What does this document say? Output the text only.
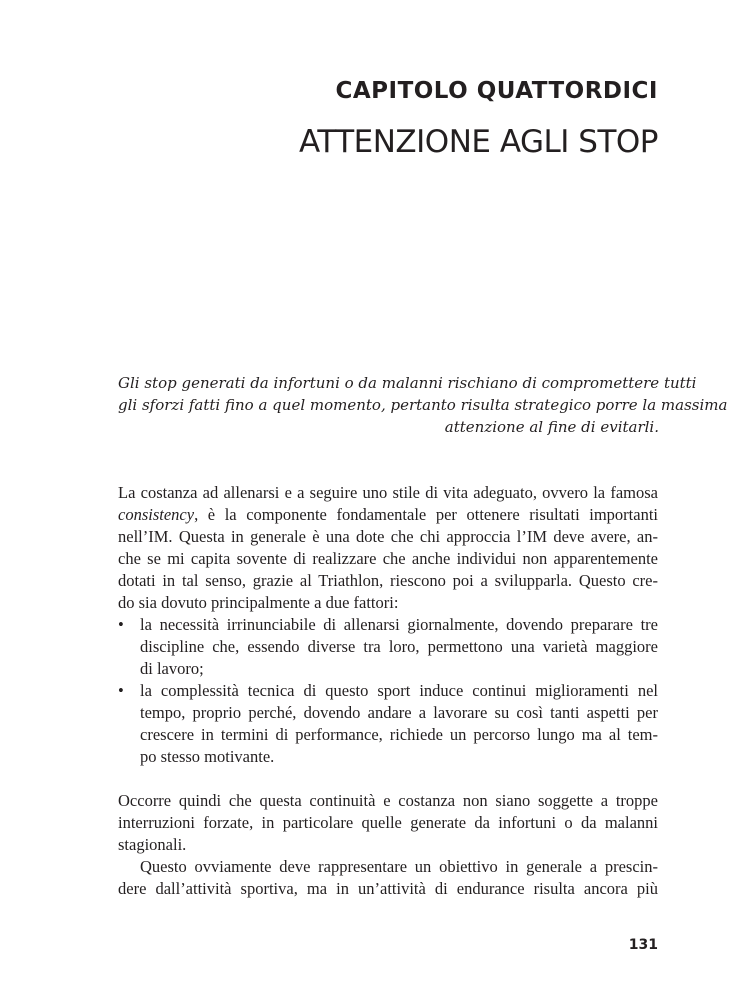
CAPITOLO QUATTORDICI
ATTENZIONE AGLI STOP
Gli stop generati da infortuni o da malanni rischiano di compromettere tutti
gli sforzi fatti fino a quel momento, pertanto risulta strategico porre la massima
attenzione al fine di evitarli.
La costanza ad allenarsi e a seguire uno stile di vita adeguato, ovvero la famosa
consistency, è la componente fondamentale per ottenere risultati importanti
nell’IM. Questa in generale è una dote che chi approccia l’IM deve avere, an-
che se mi capita sovente di realizzare che anche individui non apparentemente
dotati in tal senso, grazie al Triathlon, riescono poi a svilupparla. Questo cre-
do sia dovuto principalmente a due fattori:
• la necessità irrinunciabile di allenarsi giornalmente, dovendo preparare tre
discipline che, essendo diverse tra loro, permettono una varietà maggiore
di lavoro;
• la complessità tecnica di questo sport induce continui miglioramenti nel
tempo, proprio perché, dovendo andare a lavorare su così tanti aspetti per
crescere in termini di performance, richiede un percorso lungo ma al tem-
po stesso motivante.
Occorre quindi che questa continuità e costanza non siano soggette a troppe
interruzioni forzate, in particolare quelle generate da infortuni o da malanni
stagionali.
Questo ovviamente deve rappresentare un obiettivo in generale a prescin-
dere dall’attività sportiva, ma in un’attività di endurance risulta ancora più
131
